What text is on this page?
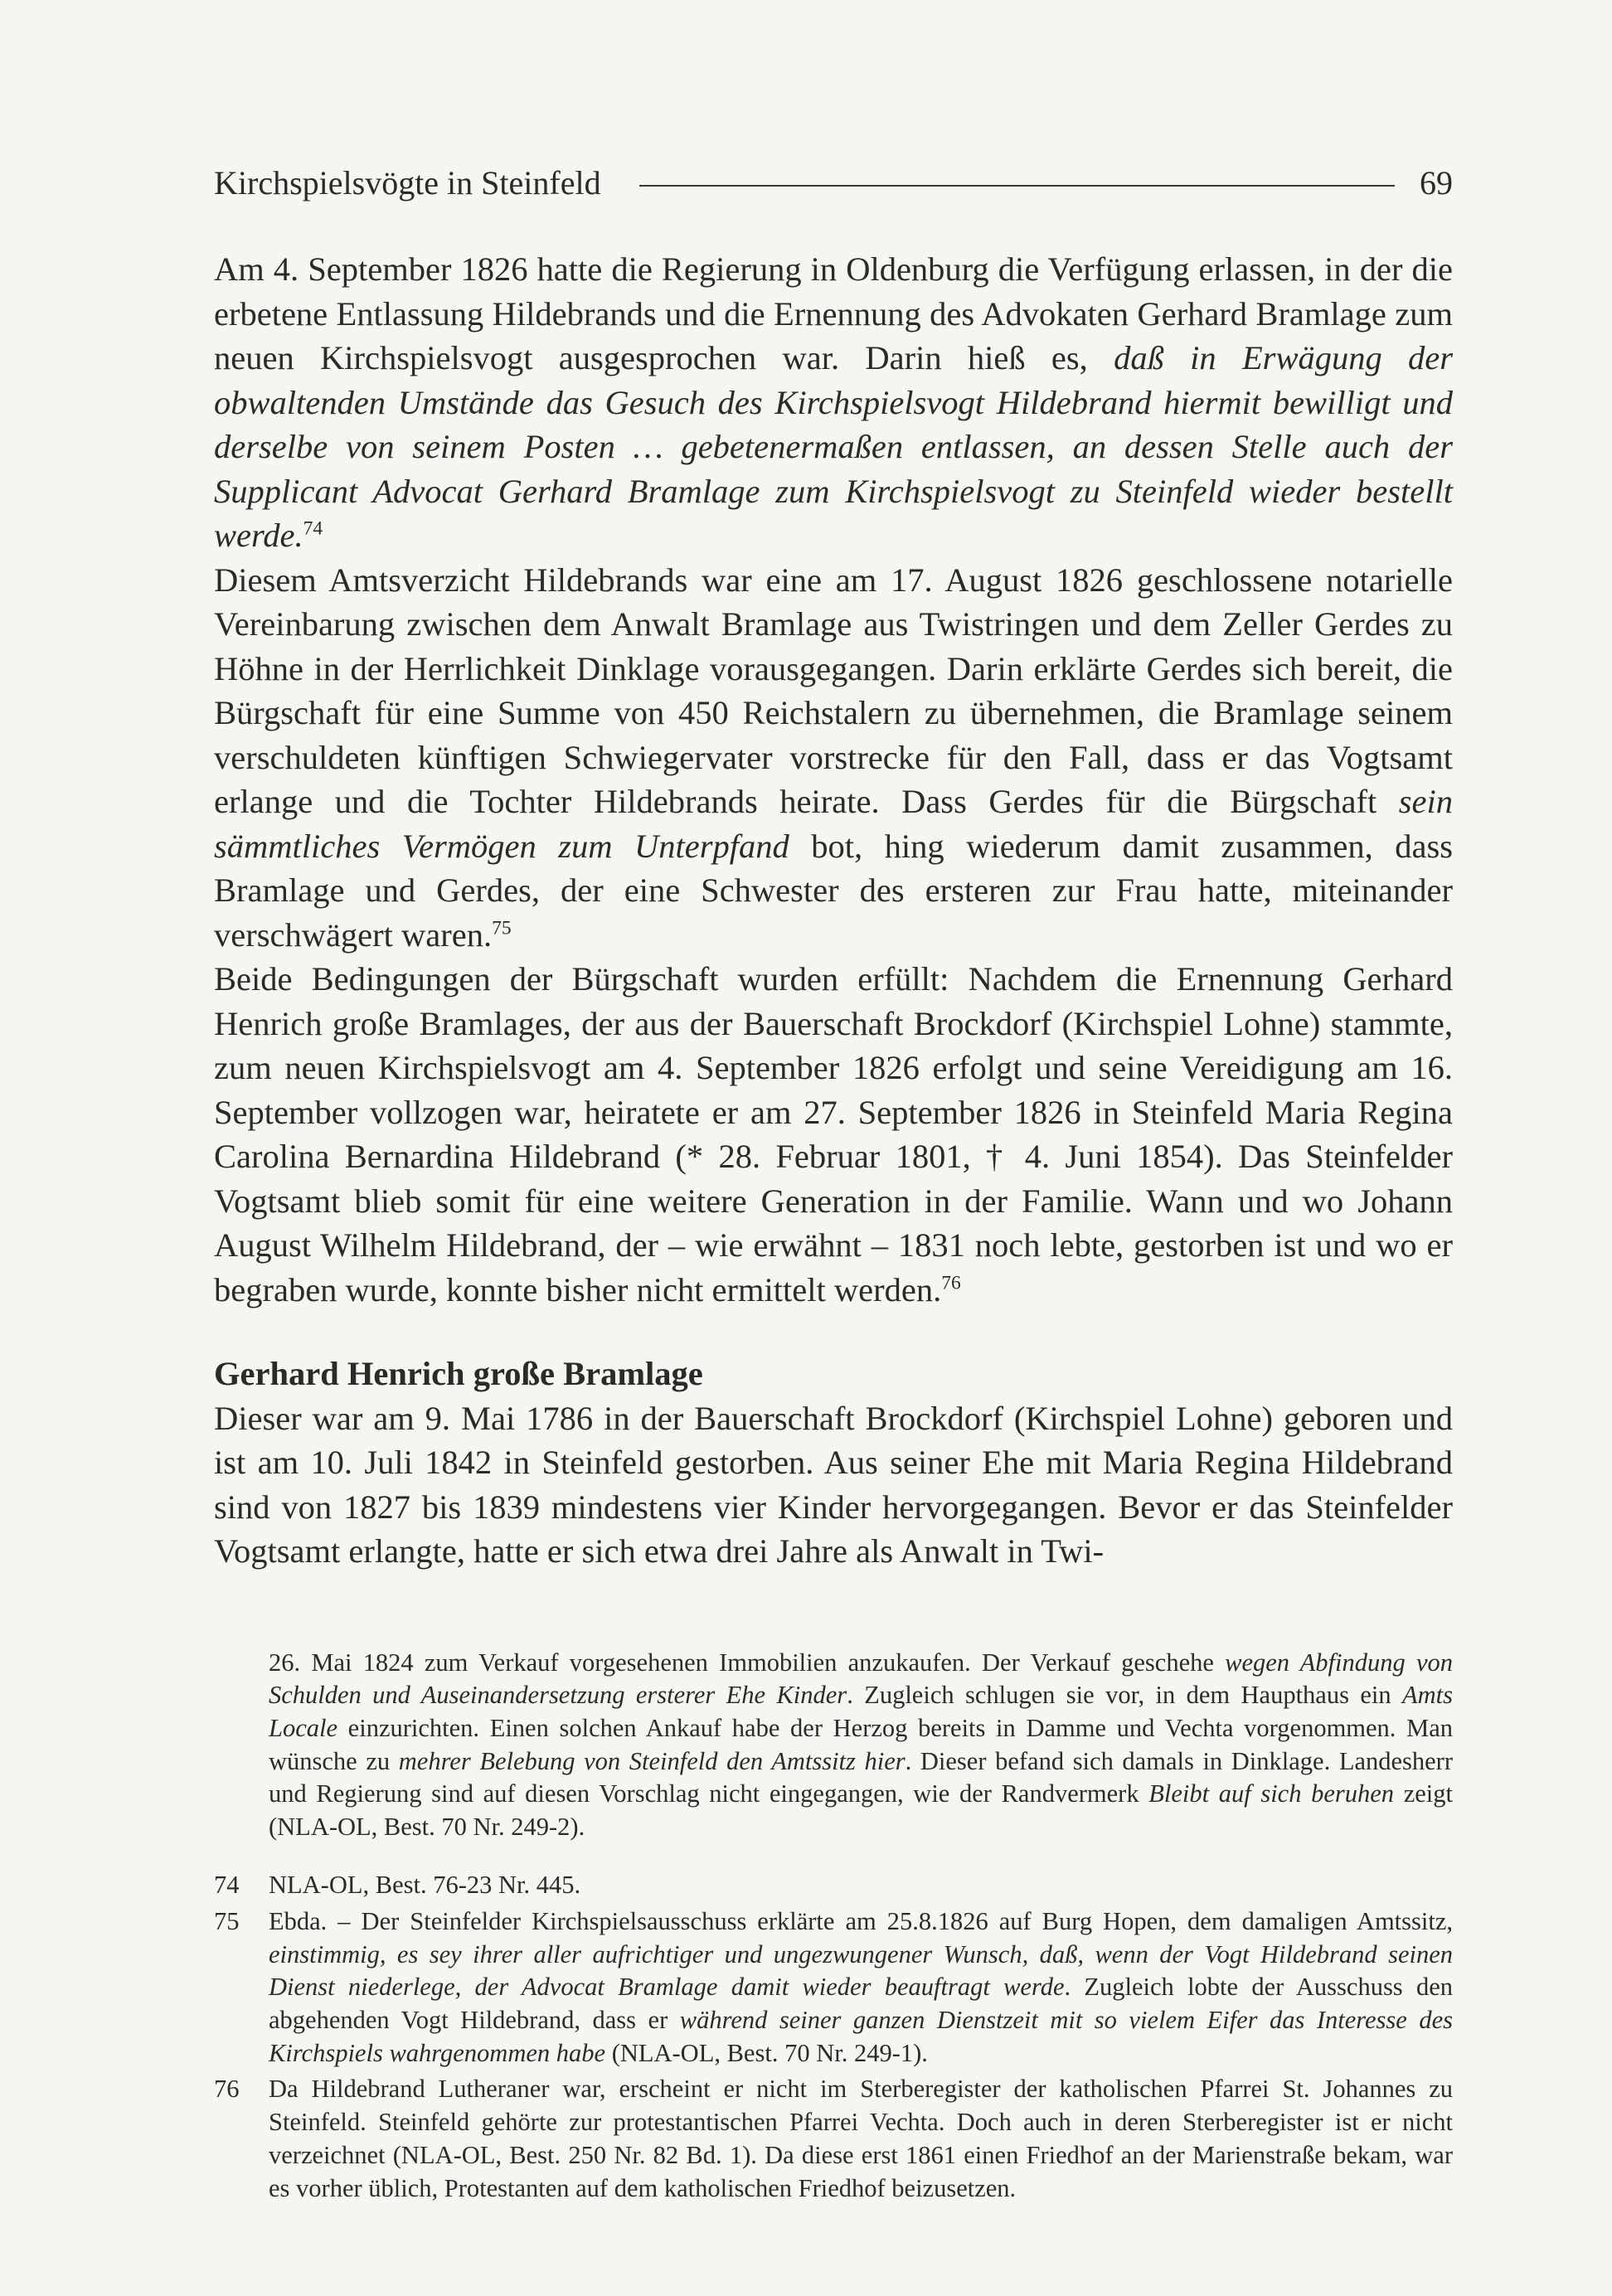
Kirchspielsvögte in Steinfeld	69

Am 4. September 1826 hatte die Regierung in Oldenburg die Verfügung erlassen, in der die erbetene Entlassung Hildebrands und die Ernennung des Advokaten Gerhard Bramlage zum neuen Kirchspielsvogt ausgesprochen war. Darin hieß es, daß in Erwägung der obwaltenden Umstände das Gesuch des Kirchspielsvogt Hildebrand hiermit bewilligt und derselbe von seinem Posten … gebetenermaßen entlassen, an dessen Stelle auch der Supplicant Advocat Gerhard Bramlage zum Kirchspielsvogt zu Steinfeld wieder bestellt werde.$^{74}$

Diesem Amtsverzicht Hildebrands war eine am 17. August 1826 geschlossene notarielle Vereinbarung zwischen dem Anwalt Bramlage aus Twistringen und dem Zeller Gerdes zu Höhne in der Herrlichkeit Dinklage vorausgegangen. Darin erklärte Gerdes sich bereit, die Bürgschaft für eine Summe von 450 Reichstalern zu übernehmen, die Bramlage seinem verschuldeten künftigen Schwiegervater vorstrecke für den Fall, dass er das Vogtsamt erlange und die Tochter Hildebrands heirate. Dass Gerdes für die Bürgschaft sein sämmtliches Vermögen zum Unterpfand bot, hing wiederum damit zusammen, dass Bramlage und Gerdes, der eine Schwester des ersteren zur Frau hatte, miteinander verschwägert waren.$^{75}$

Beide Bedingungen der Bürgschaft wurden erfüllt: Nachdem die Ernennung Gerhard Henrich große Bramlages, der aus der Bauerschaft Brockdorf (Kirchspiel Lohne) stammte, zum neuen Kirchspielsvogt am 4. September 1826 erfolgt und seine Vereidigung am 16. September vollzogen war, heiratete er am 27. September 1826 in Steinfeld Maria Regina Carolina Bernardina Hildebrand (* 28. Februar 1801, † 4. Juni 1854). Das Steinfelder Vogtsamt blieb somit für eine weitere Generation in der Familie. Wann und wo Johann August Wilhelm Hildebrand, der – wie erwähnt – 1831 noch lebte, gestorben ist und wo er begraben wurde, konnte bisher nicht ermittelt werden.$^{76}$

Gerhard Henrich große Bramlage

Dieser war am 9. Mai 1786 in der Bauerschaft Brockdorf (Kirchspiel Lohne) geboren und ist am 10. Juli 1842 in Steinfeld gestorben. Aus seiner Ehe mit Maria Regina Hildebrand sind von 1827 bis 1839 mindestens vier Kinder hervorgegangen. Bevor er das Steinfelder Vogtsamt erlangte, hatte er sich etwa drei Jahre als Anwalt in Twi-

26. Mai 1824 zum Verkauf vorgesehenen Immobilien anzukaufen. Der Verkauf geschehe wegen Abfindung von Schulden und Auseinandersetzung ersterer Ehe Kinder. Zugleich schlugen sie vor, in dem Haupthaus ein Amts Locale einzurichten. Einen solchen Ankauf habe der Herzog bereits in Damme und Vechta vorgenommen. Man wünsche zu mehrer Belebung von Steinfeld den Amtssitz hier. Dieser befand sich damals in Dinklage. Landesherr und Regierung sind auf diesen Vorschlag nicht eingegangen, wie der Randvermerk Bleibt auf sich beruhen zeigt (NLA-OL, Best. 70 Nr. 249-2).

74	NLA-OL, Best. 76-23 Nr. 445.
75	Ebda. – Der Steinfelder Kirchspielsausschuss erklärte am 25.8.1826 auf Burg Hopen, dem damaligen Amtssitz, einstimmig, es sey ihrer aller aufrichtiger und ungezwungener Wunsch, daß, wenn der Vogt Hildebrand seinen Dienst niederlege, der Advocat Bramlage damit wieder beauftragt werde. Zugleich lobte der Ausschuss den abgehenden Vogt Hildebrand, dass er während seiner ganzen Dienstzeit mit so vielem Eifer das Interesse des Kirchspiels wahrgenommen habe (NLA-OL, Best. 70 Nr. 249-1).
76	Da Hildebrand Lutheraner war, erscheint er nicht im Sterberegister der katholischen Pfarrei St. Johannes zu Steinfeld. Steinfeld gehörte zur protestantischen Pfarrei Vechta. Doch auch in deren Sterberegister ist er nicht verzeichnet (NLA-OL, Best. 250 Nr. 82 Bd. 1). Da diese erst 1861 einen Friedhof an der Marienstraße bekam, war es vorher üblich, Protestanten auf dem katholischen Friedhof beizusetzen.
